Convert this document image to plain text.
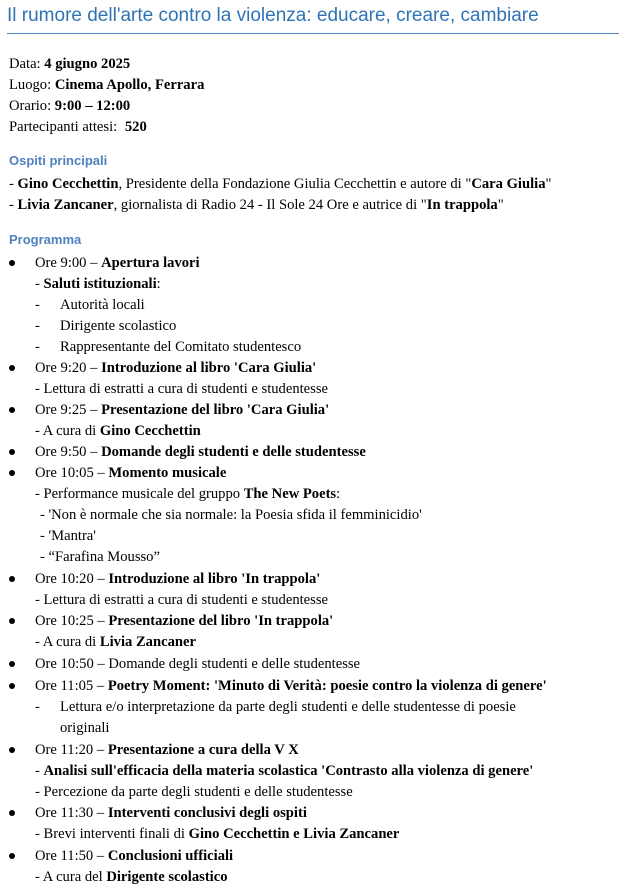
Il rumore dell'arte contro la violenza: educare, creare, cambiare
Data: 4 giugno 2025
Luogo: Cinema Apollo, Ferrara
Orario: 9:00 – 12:00
Partecipanti attesi: 520
Ospiti principali
- Gino Cecchettin, Presidente della Fondazione Giulia Cecchettin e autore di "Cara Giulia"
- Livia Zancaner, giornalista di Radio 24 - Il Sole 24 Ore e autrice di "In trappola"
Programma
Ore 9:00 – Apertura lavori
- Saluti istituzionali:
- Autorità locali
- Dirigente scolastico
- Rappresentante del Comitato studentesco
Ore 9:20 – Introduzione al libro 'Cara Giulia'
- Lettura di estratti a cura di studenti e studentesse
Ore 9:25 – Presentazione del libro 'Cara Giulia'
- A cura di Gino Cecchettin
Ore 9:50 – Domande degli studenti e delle studentesse
Ore 10:05 – Momento musicale
- Performance musicale del gruppo The New Poets:
- 'Non è normale che sia normale: la Poesia sfida il femminicidio'
- 'Mantra'
- “Farafina Mousso”
Ore 10:20 – Introduzione al libro 'In trappola'
- Lettura di estratti a cura di studenti e studentesse
Ore 10:25 – Presentazione del libro 'In trappola'
- A cura di Livia Zancaner
Ore 10:50 – Domande degli studenti e delle studentesse
Ore 11:05 – Poetry Moment: 'Minuto di Verità: poesie contro la violenza di genere'
- Lettura e/o interpretazione da parte degli studenti e delle studentesse di poesie
originali
Ore 11:20 – Presentazione a cura della V X
- Analisi sull'efficacia della materia scolastica 'Contrasto alla violenza di genere'
- Percezione da parte degli studenti e delle studentesse
Ore 11:30 – Interventi conclusivi degli ospiti
- Brevi interventi finali di Gino Cecchettin e Livia Zancaner
Ore 11:50 – Conclusioni ufficiali
- A cura del Dirigente scolastico
